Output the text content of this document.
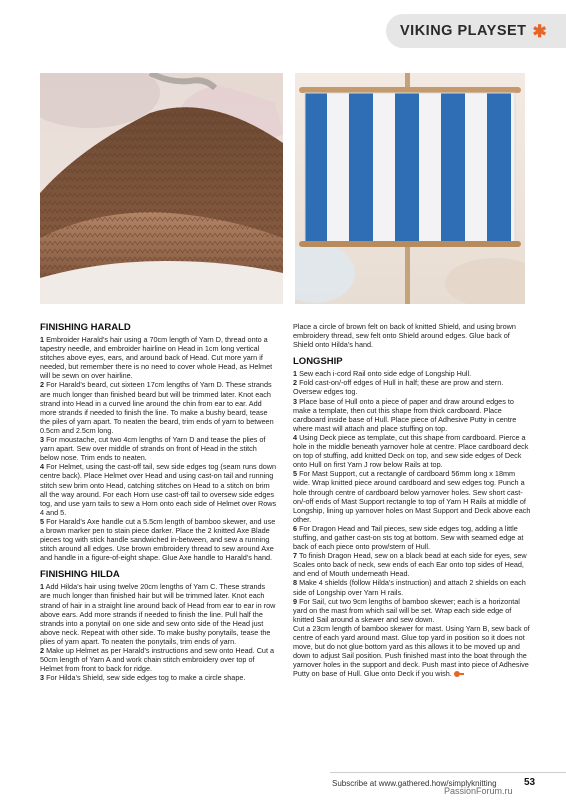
VIKING PLAYSET ✱
FINISHING HARALD

1 Embroider Harald’s hair using a 70cm length of Yarn D, thread onto a tapestry needle, and embroider hairline on Head in 1cm long vertical stitches above eyes, ears, and around back of Head. Cut more yarn if needed, but remember there is no need to cover whole Head, as Helmet will be sewn on over hairline.

2 For Harald’s beard, cut sixteen 17cm lengths of Yarn D. These strands are much longer than finished beard but will be trimmed later. Knot each strand into Head in a curved line around the chin from ear to ear. Add more strands if needed to finish the line. To make a bushy beard, tease the piles of yarn apart. To neaten the beard, trim ends of yarn to between 0.5cm and 2.5cm long.

3 For moustache, cut two 4cm lengths of Yarn D and tease the plies of yarn apart. Sew over middle of strands on front of Head in the stitch below nose. Trim ends to neaten.

4 For Helmet, using the cast-off tail, sew side edges tog (seam runs down centre back). Place Helmet over Head and using cast-on tail and running stitch sew brim onto Head, catching stitches on Head to a stitch on brim all the way around. For each Horn use cast-off tail to oversew side edges tog, and use yarn tails to sew a Horn onto each side of Helmet over Rows 4 and 5.

5 For Harald’s Axe handle cut a 5.5cm length of bamboo skewer, and use a brown marker pen to stain piece darker. Place the 2 knitted Axe Blade pieces tog with stick handle sandwiched in-between, and sew a running stitch around all edges. Use brown embroidery thread to sew around Axe and handle in a figure-of-eight shape. Glue Axe handle to Harald’s hand.

FINISHING HILDA

1 Add Hilda’s hair using twelve 20cm lengths of Yarn C. These strands are much longer than finished hair but will be trimmed later. Knot each strand of hair in a straight line around back of Head from ear to ear in row above ears. Add more strands if needed to finish the line. Pull half the strands into a ponytail on one side and sew onto side of the Head just above neck. Repeat with other side. To make bushy ponytails, tease the plies of yarn apart. To neaten the ponytails, trim ends of yarn.

2 Make up Helmet as per Harald’s instructions and sew onto Head. Cut a 50cm length of Yarn A and work chain stitch embroidery over top of Helmet from front to back for ridge.

3 For Hilda’s Shield, sew side edges tog to make a circle shape.

Place a circle of brown felt on back of knitted Shield, and using brown embroidery thread, sew felt onto Shield around edges. Glue back of Shield onto Hilda’s hand.

LONGSHIP

1 Sew each i-cord Rail onto side edge of Longship Hull.

2 Fold cast-on/-off edges of Hull in half; these are prow and stern. Oversew edges tog.

3 Place base of Hull onto a piece of paper and draw around edges to make a template, then cut this shape from thick cardboard. Place cardboard inside base of Hull. Place piece of Adhesive Putty in centre where mast will attach and place stuffing on top.

4 Using Deck piece as template, cut this shape from cardboard. Pierce a hole in the middle beneath yarnover hole at centre. Place cardboard deck on top of stuffing, add knitted Deck on top, and sew side edges of Deck onto Hull on first Yarn J row below Rails at top.

5 For Mast Support, cut a rectangle of cardboard 56mm long x 18mm wide. Wrap knitted piece around cardboard and sew edges tog. Punch a hole through centre of cardboard below yarnover holes. Sew short cast-on/-off ends of Mast Support rectangle to top of Yarn H Rails at middle of Longship, lining up yarnover holes on Mast Support and Deck above each other.

6 For Dragon Head and Tail pieces, sew side edges tog, adding a little stuffing, and gather cast-on sts tog at bottom. Sew with seamed edge at back of each piece onto prow/stern of Hull.

7 To finish Dragon Head, sew on a black bead at each side for eyes, sew Scales onto back of neck, sew ends of each Ear onto top sides of Head, and end of Mouth underneath Head.

8 Make 4 shields (follow Hilda’s instruction) and attach 2 shields on each side of Longship over Yarn H rails.

9 For Sail, cut two 9cm lengths of bamboo skewer; each is a horizontal yard on the mast from which sail will be set. Wrap each side edge of knitted Sail around a skewer and sew down.

Cut a 23cm length of bamboo skewer for mast. Using Yarn B, sew back of centre of each yard around mast. Glue top yard in position so it does not move, but do not glue bottom yard as this allows it to be moved up and down to adjust Sail position. Push finished mast into the boat through the yarnover holes in the support and deck. Push mast into piece of Adhesive Putty on base of Hull. Glue onto Deck if you wish.

Subscribe at www.gathered.how/simplyknitting	53
PassionForum.ru
